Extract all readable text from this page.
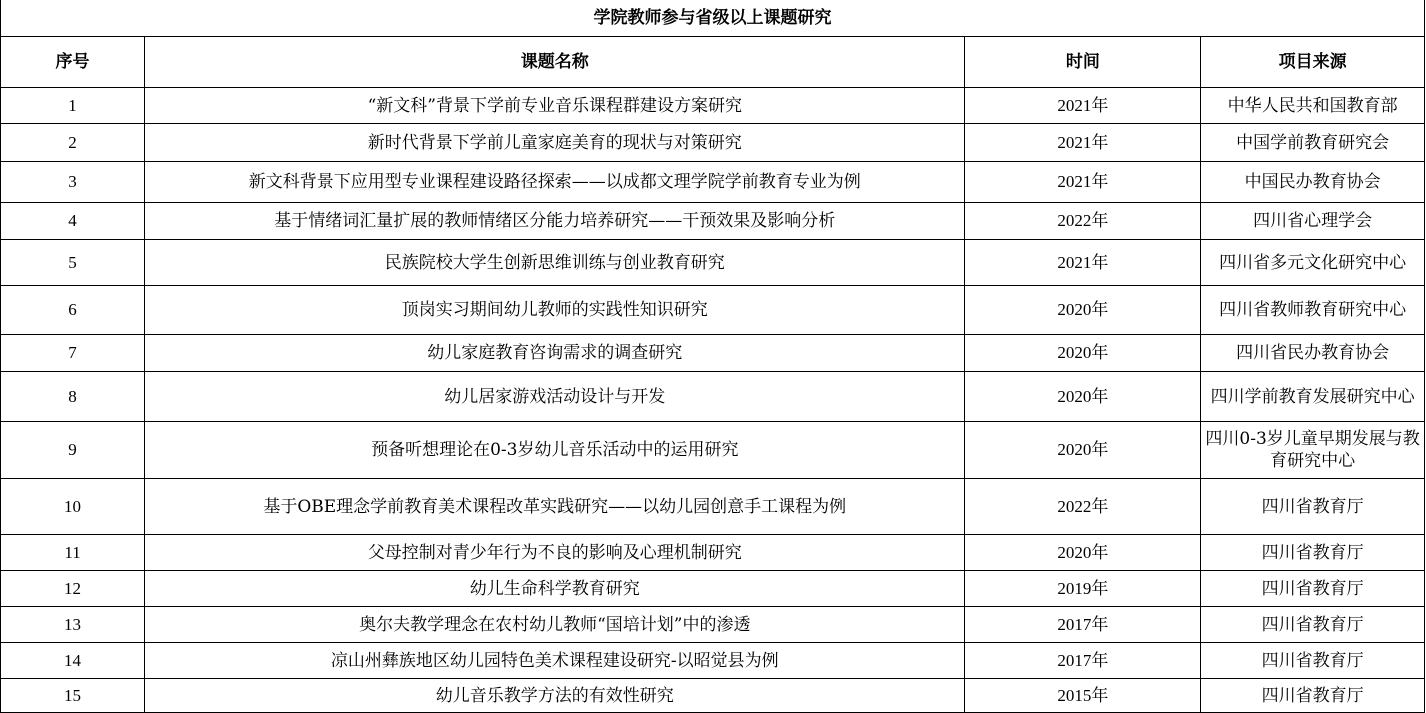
学院教师参与省级以上课题研究			
序号	课题名称	时间	项目来源
1	“新文科”背景下学前专业音乐课程群建设方案研究	2021年	中华人民共和国教育部
2	新时代背景下学前儿童家庭美育的现状与对策研究	2021年	中国学前教育研究会
3	新文科背景下应用型专业课程建设路径探索——以成都文理学院学前教育专业为例	2021年	中国民办教育协会
4	基于情绪词汇量扩展的教师情绪区分能力培养研究——干预效果及影响分析	2022年	四川省心理学会
5	民族院校大学生创新思维训练与创业教育研究	2021年	四川省多元文化研究中心
6	顶岗实习期间幼儿教师的实践性知识研究	2020年	四川省教师教育研究中心
7	幼儿家庭教育咨询需求的调查研究	2020年	四川省民办教育协会
8	幼儿居家游戏活动设计与开发	2020年	四川学前教育发展研究中心
9	预备听想理论在0-3岁幼儿音乐活动中的运用研究	2020年	四川0-3岁儿童早期发展与教育研究中心
10	基于OBE理念学前教育美术课程改革实践研究——以幼儿园创意手工课程为例	2022年	四川省教育厅
11	父母控制对青少年行为不良的影响及心理机制研究	2020年	四川省教育厅
12	幼儿生命科学教育研究	2019年	四川省教育厅
13	奥尔夫教学理念在农村幼儿教师“国培计划”中的渗透	2017年	四川省教育厅
14	凉山州彝族地区幼儿园特色美术课程建设研究-以昭觉县为例	2017年	四川省教育厅
15	幼儿音乐教学方法的有效性研究	2015年	四川省教育厅
